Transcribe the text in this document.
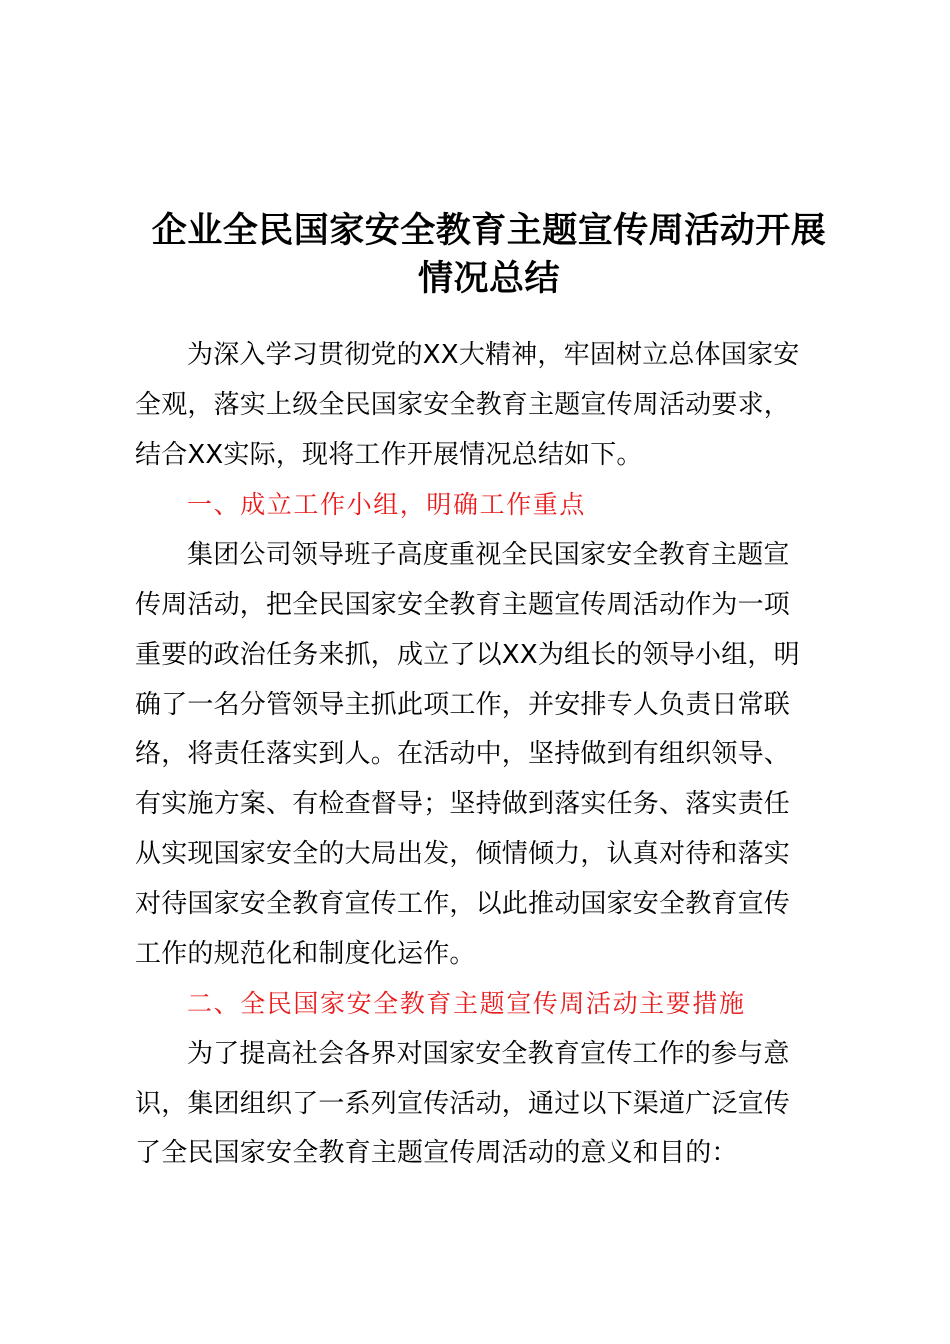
企业全民国家安全教育主题宣传周活动开展
情况总结

为深入学习贯彻党的XX大精神，牢固树立总体国家安

全观，落实上级全民国家安全教育主题宣传周活动要求，

结合XX实际，现将工作开展情况总结如下。

一、成立工作小组，明确工作重点

集团公司领导班子高度重视全民国家安全教育主题宣

传周活动，把全民国家安全教育主题宣传周活动作为一项

重要的政治任务来抓，成立了以XX为组长的领导小组，明

确了一名分管领导主抓此项工作，并安排专人负责日常联

络，将责任落实到人。在活动中，坚持做到有组织领导、

有实施方案、有检查督导；坚持做到落实任务、落实责任

从实现国家安全的大局出发，倾情倾力，认真对待和落实

对待国家安全教育宣传工作，以此推动国家安全教育宣传

工作的规范化和制度化运作。

二、全民国家安全教育主题宣传周活动主要措施

为了提高社会各界对国家安全教育宣传工作的参与意

识，集团组织了一系列宣传活动，通过以下渠道广泛宣传

了全民国家安全教育主题宣传周活动的意义和目的：
